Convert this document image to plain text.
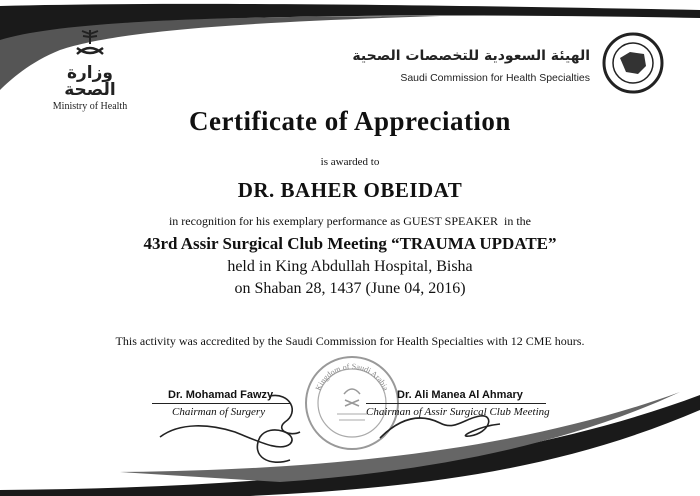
وزارة الصحة
Ministry of Health
الهيئة السعودية للتخصصات الصحية
Saudi Commission for Health Specialties
Certificate of Appreciation
is awarded to
DR. BAHER OBEIDAT
in recognition for his exemplary performance as GUEST SPEAKER  in the
43rd Assir Surgical Club Meeting “TRAUMA UPDATE”
held in King Abdullah Hospital, Bisha
on Shaban 28, 1437 (June 04, 2016)
This activity was accredited by the Saudi Commission for Health Specialties with 12 CME hours.
Kingdom of Saudi Arabia
Dr. Mohamad Fawzy
Chairman of Surgery
Dr. Ali Manea Al Ahmary
Chairman of Assir Surgical Club Meeting
